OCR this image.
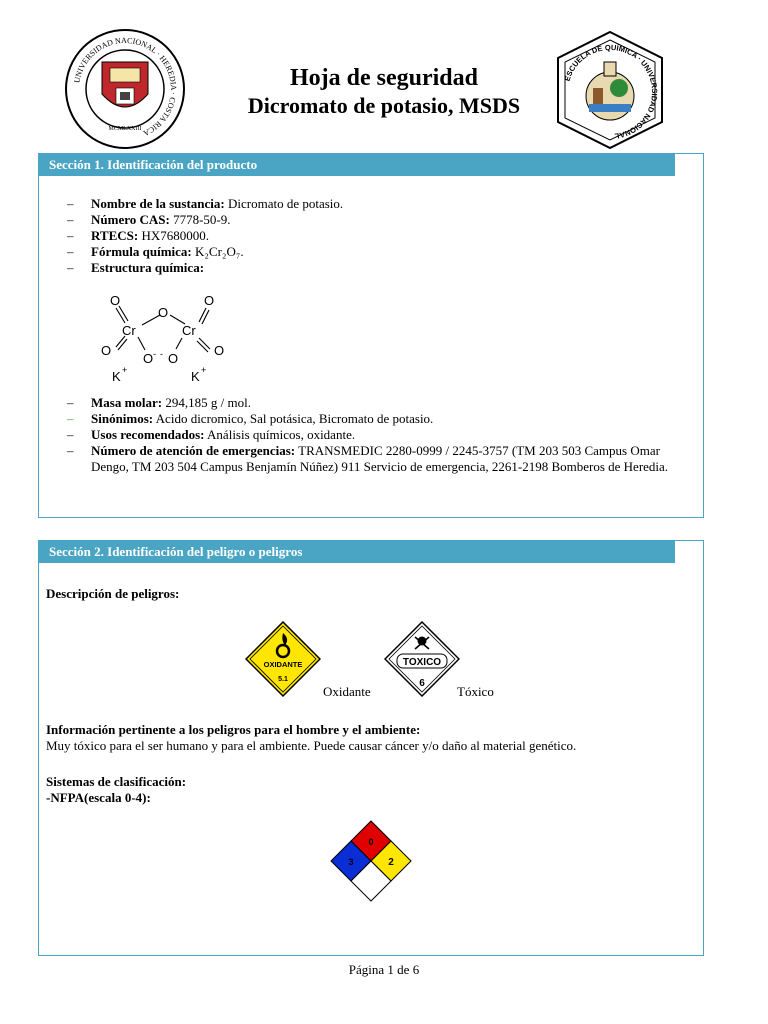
UNIVERSIDAD NACIONAL · HEREDIA · COSTA RICA
MCMLXXIII
Hoja de seguridad
Dicromato de potasio, MSDS
ESCUELA DE QUÍMICA · UNIVERSIDAD NACIONAL
Sección 1. Identificación del producto
– Nombre de la sustancia: Dicromato de potasio.
– Número CAS: 7778-50-9.
– RTECS: HX7680000.
– Fórmula química: K₂Cr₂O₇.
– Estructura química:
O
Cr
O
Cr
O
O	O
O - - O
K +	K +
– Masa molar: 294,185 g / mol.
– Sinónimos: Acido dicromico, Sal potásica, Bicromato de potasio.
– Usos recomendados: Análisis químicos, oxidante.
– Número de atención de emergencias: TRANSMEDIC 2280-0999 / 2245-3757 (TM 203 503 Campus Omar Dengo, TM 203 504 Campus Benjamín Núñez) 911 Servicio de emergencia, 2261-2198 Bomberos de Heredia.
Sección 2. Identificación del peligro o peligros
Descripción de peligros:
OXIDANTE
5.1
Oxidante
TOXICO
6
Tóxico
Información pertinente a los peligros para el hombre y el ambiente:
Muy tóxico para el ser humano y para el ambiente. Puede causar cáncer y/o daño al material genético.
Sistemas de clasificación:
-NFPA(escala 0-4):
0
3	2
Página 1 de 6
